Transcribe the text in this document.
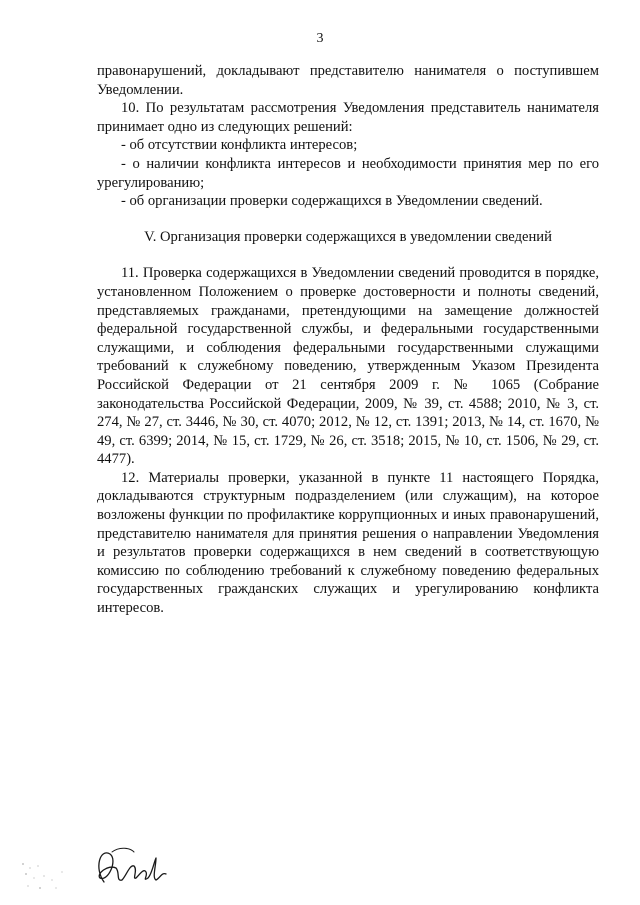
3

правонарушений, докладывают представителю нанимателя о поступившем Уведомлении.

10. По результатам рассмотрения Уведомления представитель нанимателя принимает одно из следующих решений:

- об отсутствии конфликта интересов;

- о наличии конфликта интересов и необходимости принятия мер по его урегулированию;

- об организации проверки содержащихся в Уведомлении сведений.

V. Организация проверки содержащихся в уведомлении сведений

11. Проверка содержащихся в Уведомлении сведений проводится в порядке, установленном Положением о проверке достоверности и полноты сведений, представляемых гражданами, претендующими на замещение должностей федеральной государственной службы, и федеральными государственными служащими, и соблюдения федеральными государственными служащими требований к служебному поведению, утвержденным Указом Президента Российской Федерации от 21 сентября 2009 г. № 1065 (Собрание законодательства Российской Федерации, 2009, № 39, ст. 4588; 2010, № 3, ст. 274, № 27, ст. 3446, № 30, ст. 4070; 2012, № 12, ст. 1391; 2013, № 14, ст. 1670, № 49, ст. 6399; 2014, № 15, ст. 1729, № 26, ст. 3518; 2015, № 10, ст. 1506, № 29, ст. 4477).

12. Материалы проверки, указанной в пункте 11 настоящего Порядка, докладываются структурным подразделением (или служащим), на которое возложены функции по профилактике коррупционных и иных правонарушений, представителю нанимателя для принятия решения о направлении Уведомления и результатов проверки содержащихся в нем сведений в соответствующую комиссию по соблюдению требований к служебному поведению федеральных государственных гражданских служащих и урегулированию конфликта интересов.
